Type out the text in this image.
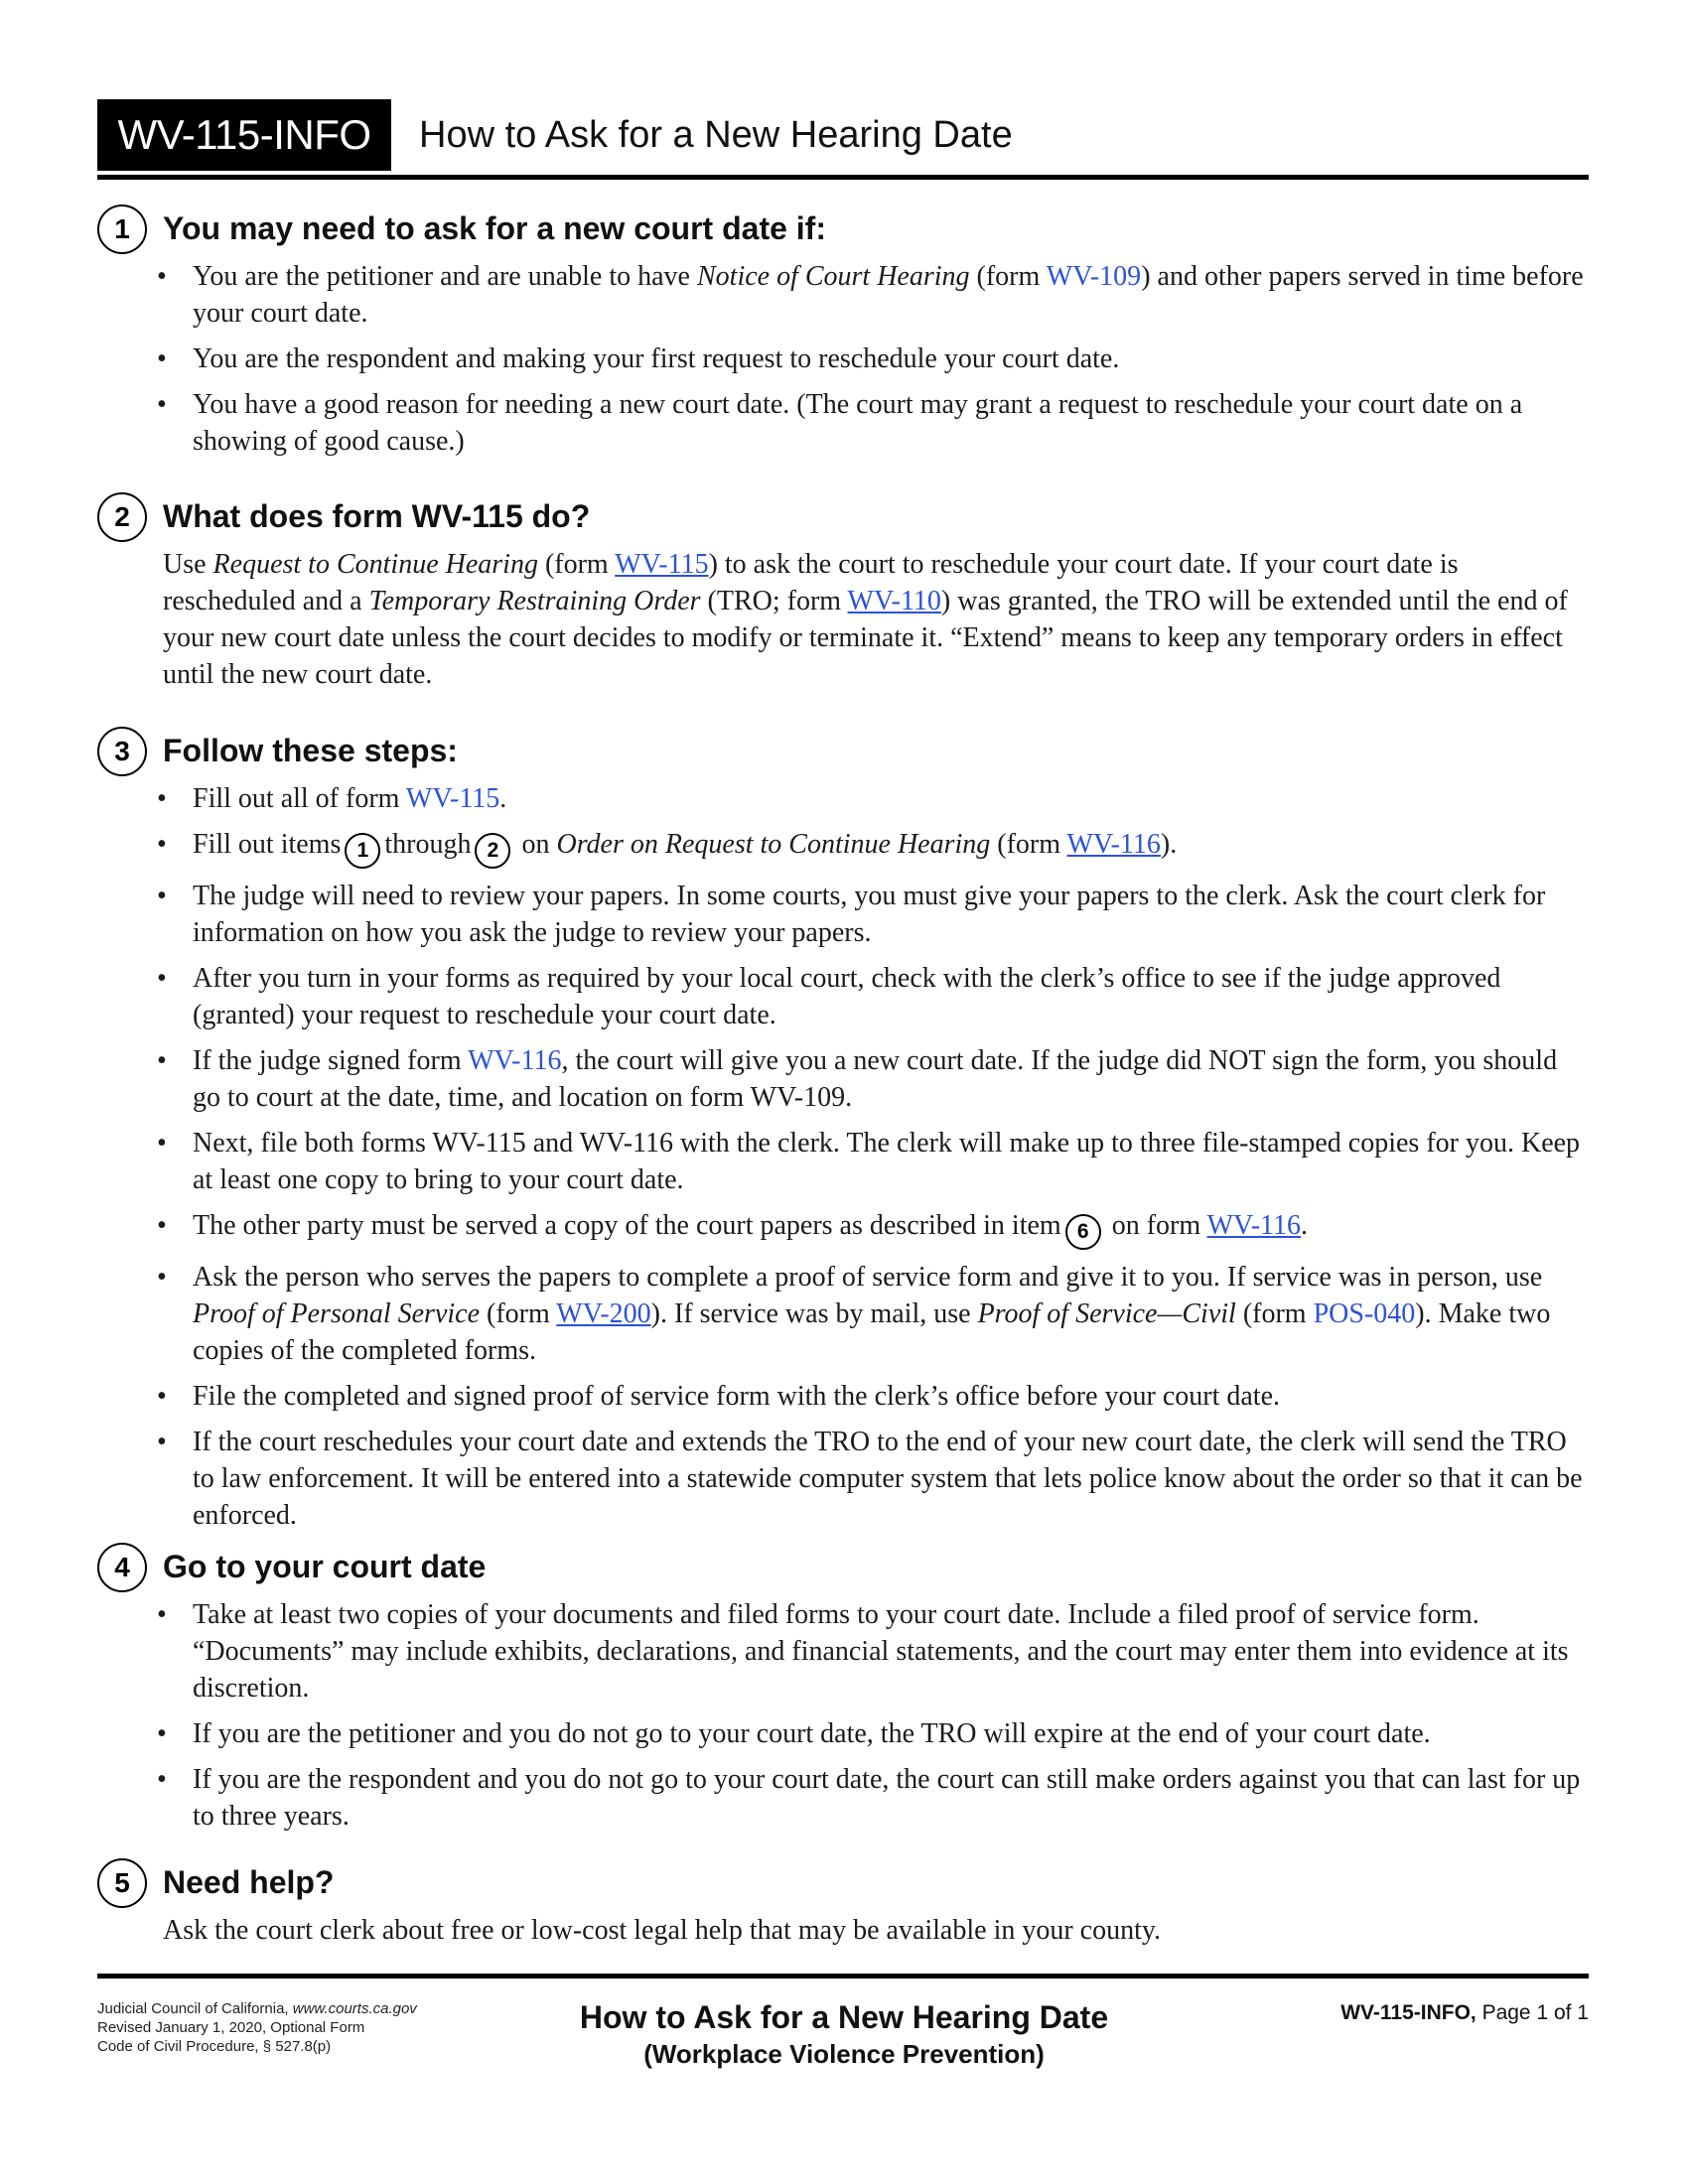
WV-115-INFO	How to Ask for a New Hearing Date
1	You may need to ask for a new court date if:
• You are the petitioner and are unable to have Notice of Court Hearing (form WV-109) and other papers served in time before your court date.
• You are the respondent and making your first request to reschedule your court date.
• You have a good reason for needing a new court date. (The court may grant a request to reschedule your court date on a showing of good cause.)
2	What does form WV-115 do?
Use Request to Continue Hearing (form WV-115) to ask the court to reschedule your court date. If your court date is rescheduled and a Temporary Restraining Order (TRO; form WV-110) was granted, the TRO will be extended until the end of your new court date unless the court decides to modify or terminate it. “Extend” means to keep any temporary orders in effect until the new court date.
3	Follow these steps:
• Fill out all of form WV-115.
• Fill out items 1 through 2 on Order on Request to Continue Hearing (form WV-116).
• The judge will need to review your papers. In some courts, you must give your papers to the clerk. Ask the court clerk for information on how you ask the judge to review your papers.
• After you turn in your forms as required by your local court, check with the clerk’s office to see if the judge approved (granted) your request to reschedule your court date.
• If the judge signed form WV-116, the court will give you a new court date. If the judge did NOT sign the form, you should go to court at the date, time, and location on form WV-109.
• Next, file both forms WV-115 and WV-116 with the clerk. The clerk will make up to three file-stamped copies for you. Keep at least one copy to bring to your court date.
• The other party must be served a copy of the court papers as described in item 6 on form WV-116.
• Ask the person who serves the papers to complete a proof of service form and give it to you. If service was in person, use Proof of Personal Service (form WV-200). If service was by mail, use Proof of Service—Civil (form POS-040). Make two copies of the completed forms.
• File the completed and signed proof of service form with the clerk’s office before your court date.
• If the court reschedules your court date and extends the TRO to the end of your new court date, the clerk will send the TRO to law enforcement. It will be entered into a statewide computer system that lets police know about the order so that it can be enforced.
4	Go to your court date
• Take at least two copies of your documents and filed forms to your court date. Include a filed proof of service form. “Documents” may include exhibits, declarations, and financial statements, and the court may enter them into evidence at its discretion.
• If you are the petitioner and you do not go to your court date, the TRO will expire at the end of your court date.
• If you are the respondent and you do not go to your court date, the court can still make orders against you that can last for up to three years.
5	Need help?
Ask the court clerk about free or low-cost legal help that may be available in your county.
Judicial Council of California, www.courts.ca.gov
Revised January 1, 2020, Optional Form
Code of Civil Procedure, § 527.8(p)
How to Ask for a New Hearing Date
(Workplace Violence Prevention)
WV-115-INFO, Page 1 of 1
